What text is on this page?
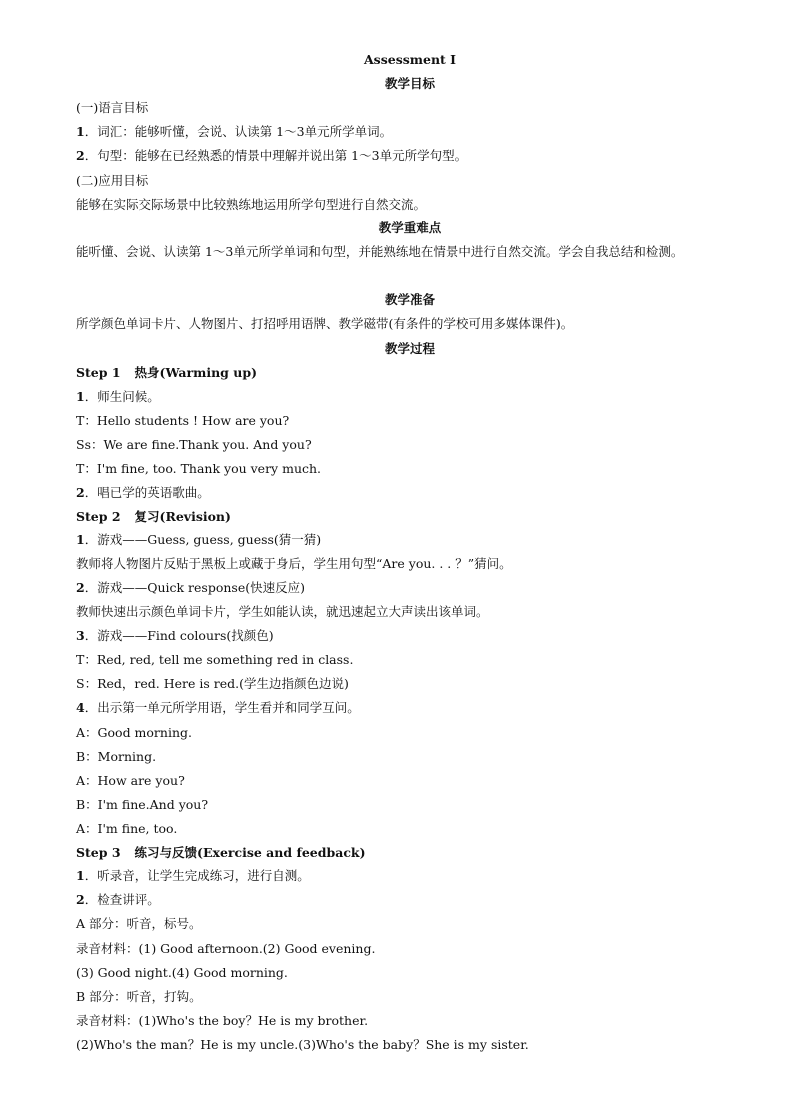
Assessment Ⅰ
教学目标
(一)语言目标
1．词汇：能够听懂，会说、认读第 1～3单元所学单词。
2．句型：能够在已经熟悉的情景中理解并说出第 1～3单元所学句型。
(二)应用目标
能够在实际交际场景中比较熟练地运用所学句型进行自然交流。
教学重难点
能听懂、会说、认读第 1～3单元所学单词和句型，并能熟练地在情景中进行自然交流。学会自我总结和检测。
教学准备
所学颜色单词卡片、人物图片、打招呼用语牌、教学磁带(有条件的学校可用多媒体课件)。
教学过程
Step 1 热身(Warming up)
1．师生问候。
T：Hello students ! How are you?
Ss：We are fine.Thank you. And you?
T：I'm fine, too. Thank you very much.
2．唱已学的英语歌曲。
Step 2 复习(Revision)
1．游戏——Guess, guess, guess(猜一猜)
教师将人物图片反贴于黑板上或藏于身后，学生用句型“Are you. . . ？”猜问。
2．游戏——Quick response(快速反应)
教师快速出示颜色单词卡片，学生如能认读，就迅速起立大声读出该单词。
3．游戏——Find colours(找颜色)
T：Red, red, tell me something red in class.
S：Red，red. Here is red.(学生边指颜色边说)
4．出示第一单元所学用语，学生看并和同学互问。
A：Good morning.
B：Morning.
A：How are you?
B：I'm fine.And you?
A：I'm fine, too.
Step 3 练习与反馈(Exercise and feedback)
1．听录音，让学生完成练习，进行自测。
2．检查讲评。
A 部分：听音，标号。
录音材料：(1) Good afternoon.(2) Good evening.
(3) Good night.(4) Good morning.
B 部分：听音，打钩。
录音材料：(1)Who's the boy？He is my brother.
(2)Who's the man？He is my uncle.(3)Who's the baby？She is my sister.
